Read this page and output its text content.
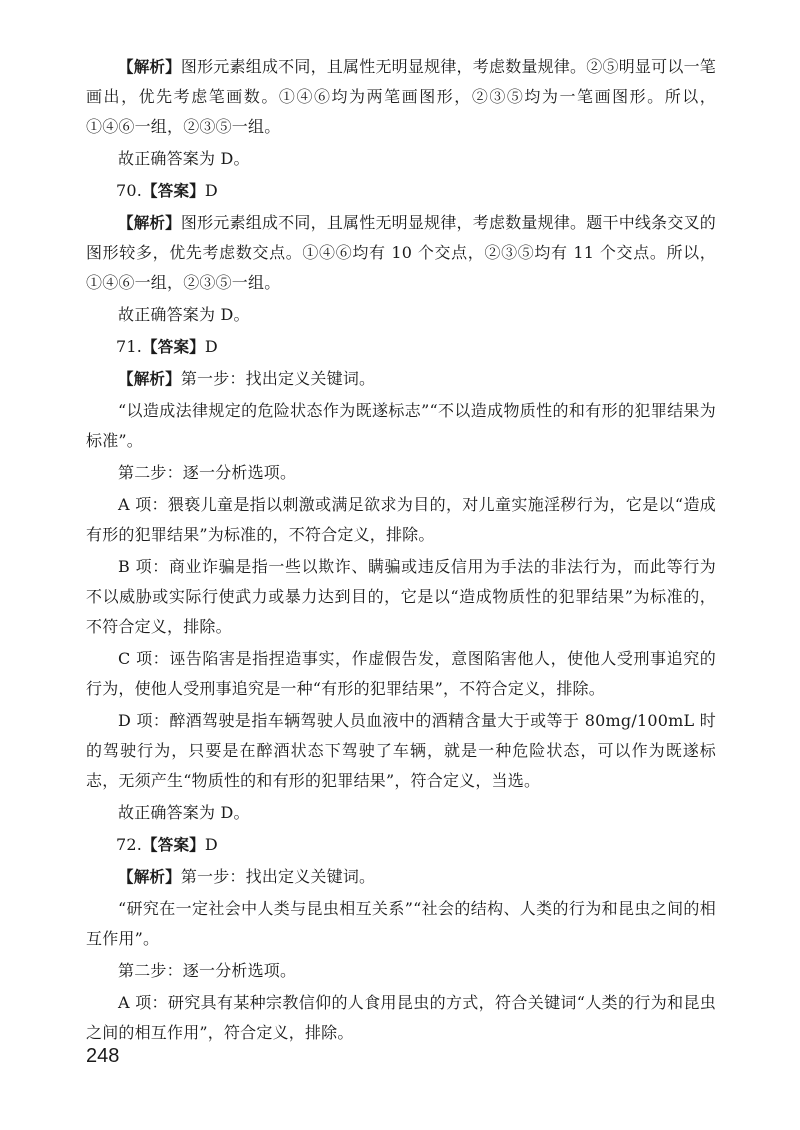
【解析】图形元素组成不同，且属性无明显规律，考虑数量规律。②⑤明显可以一笔画出，优先考虑笔画数。①④⑥均为两笔画图形，②③⑤均为一笔画图形。所以，①④⑥一组，②③⑤一组。

故正确答案为 D。

70.【答案】D

【解析】图形元素组成不同，且属性无明显规律，考虑数量规律。题干中线条交叉的图形较多，优先考虑数交点。①④⑥均有 10 个交点，②③⑤均有 11 个交点。所以，①④⑥一组，②③⑤一组。

故正确答案为 D。

71.【答案】D

【解析】第一步：找出定义关键词。

“以造成法律规定的危险状态作为既遂标志”“不以造成物质性的和有形的犯罪结果为标准”。

第二步：逐一分析选项。

A 项：猥亵儿童是指以刺激或满足欲求为目的，对儿童实施淫秽行为，它是以“造成有形的犯罪结果”为标准的，不符合定义，排除。

B 项：商业诈骗是指一些以欺诈、瞒骗或违反信用为手法的非法行为，而此等行为不以威胁或实际行使武力或暴力达到目的，它是以“造成物质性的犯罪结果”为标准的，不符合定义，排除。

C 项：诬告陷害是指捏造事实，作虚假告发，意图陷害他人，使他人受刑事追究的行为，使他人受刑事追究是一种“有形的犯罪结果”，不符合定义，排除。

D 项：醉酒驾驶是指车辆驾驶人员血液中的酒精含量大于或等于 80mg/100mL 时的驾驶行为，只要是在醉酒状态下驾驶了车辆，就是一种危险状态，可以作为既遂标志，无须产生“物质性的和有形的犯罪结果”，符合定义，当选。

故正确答案为 D。

72.【答案】D

【解析】第一步：找出定义关键词。

“研究在一定社会中人类与昆虫相互关系”“社会的结构、人类的行为和昆虫之间的相互作用”。

第二步：逐一分析选项。

A 项：研究具有某种宗教信仰的人食用昆虫的方式，符合关键词“人类的行为和昆虫之间的相互作用”，符合定义，排除。

248
